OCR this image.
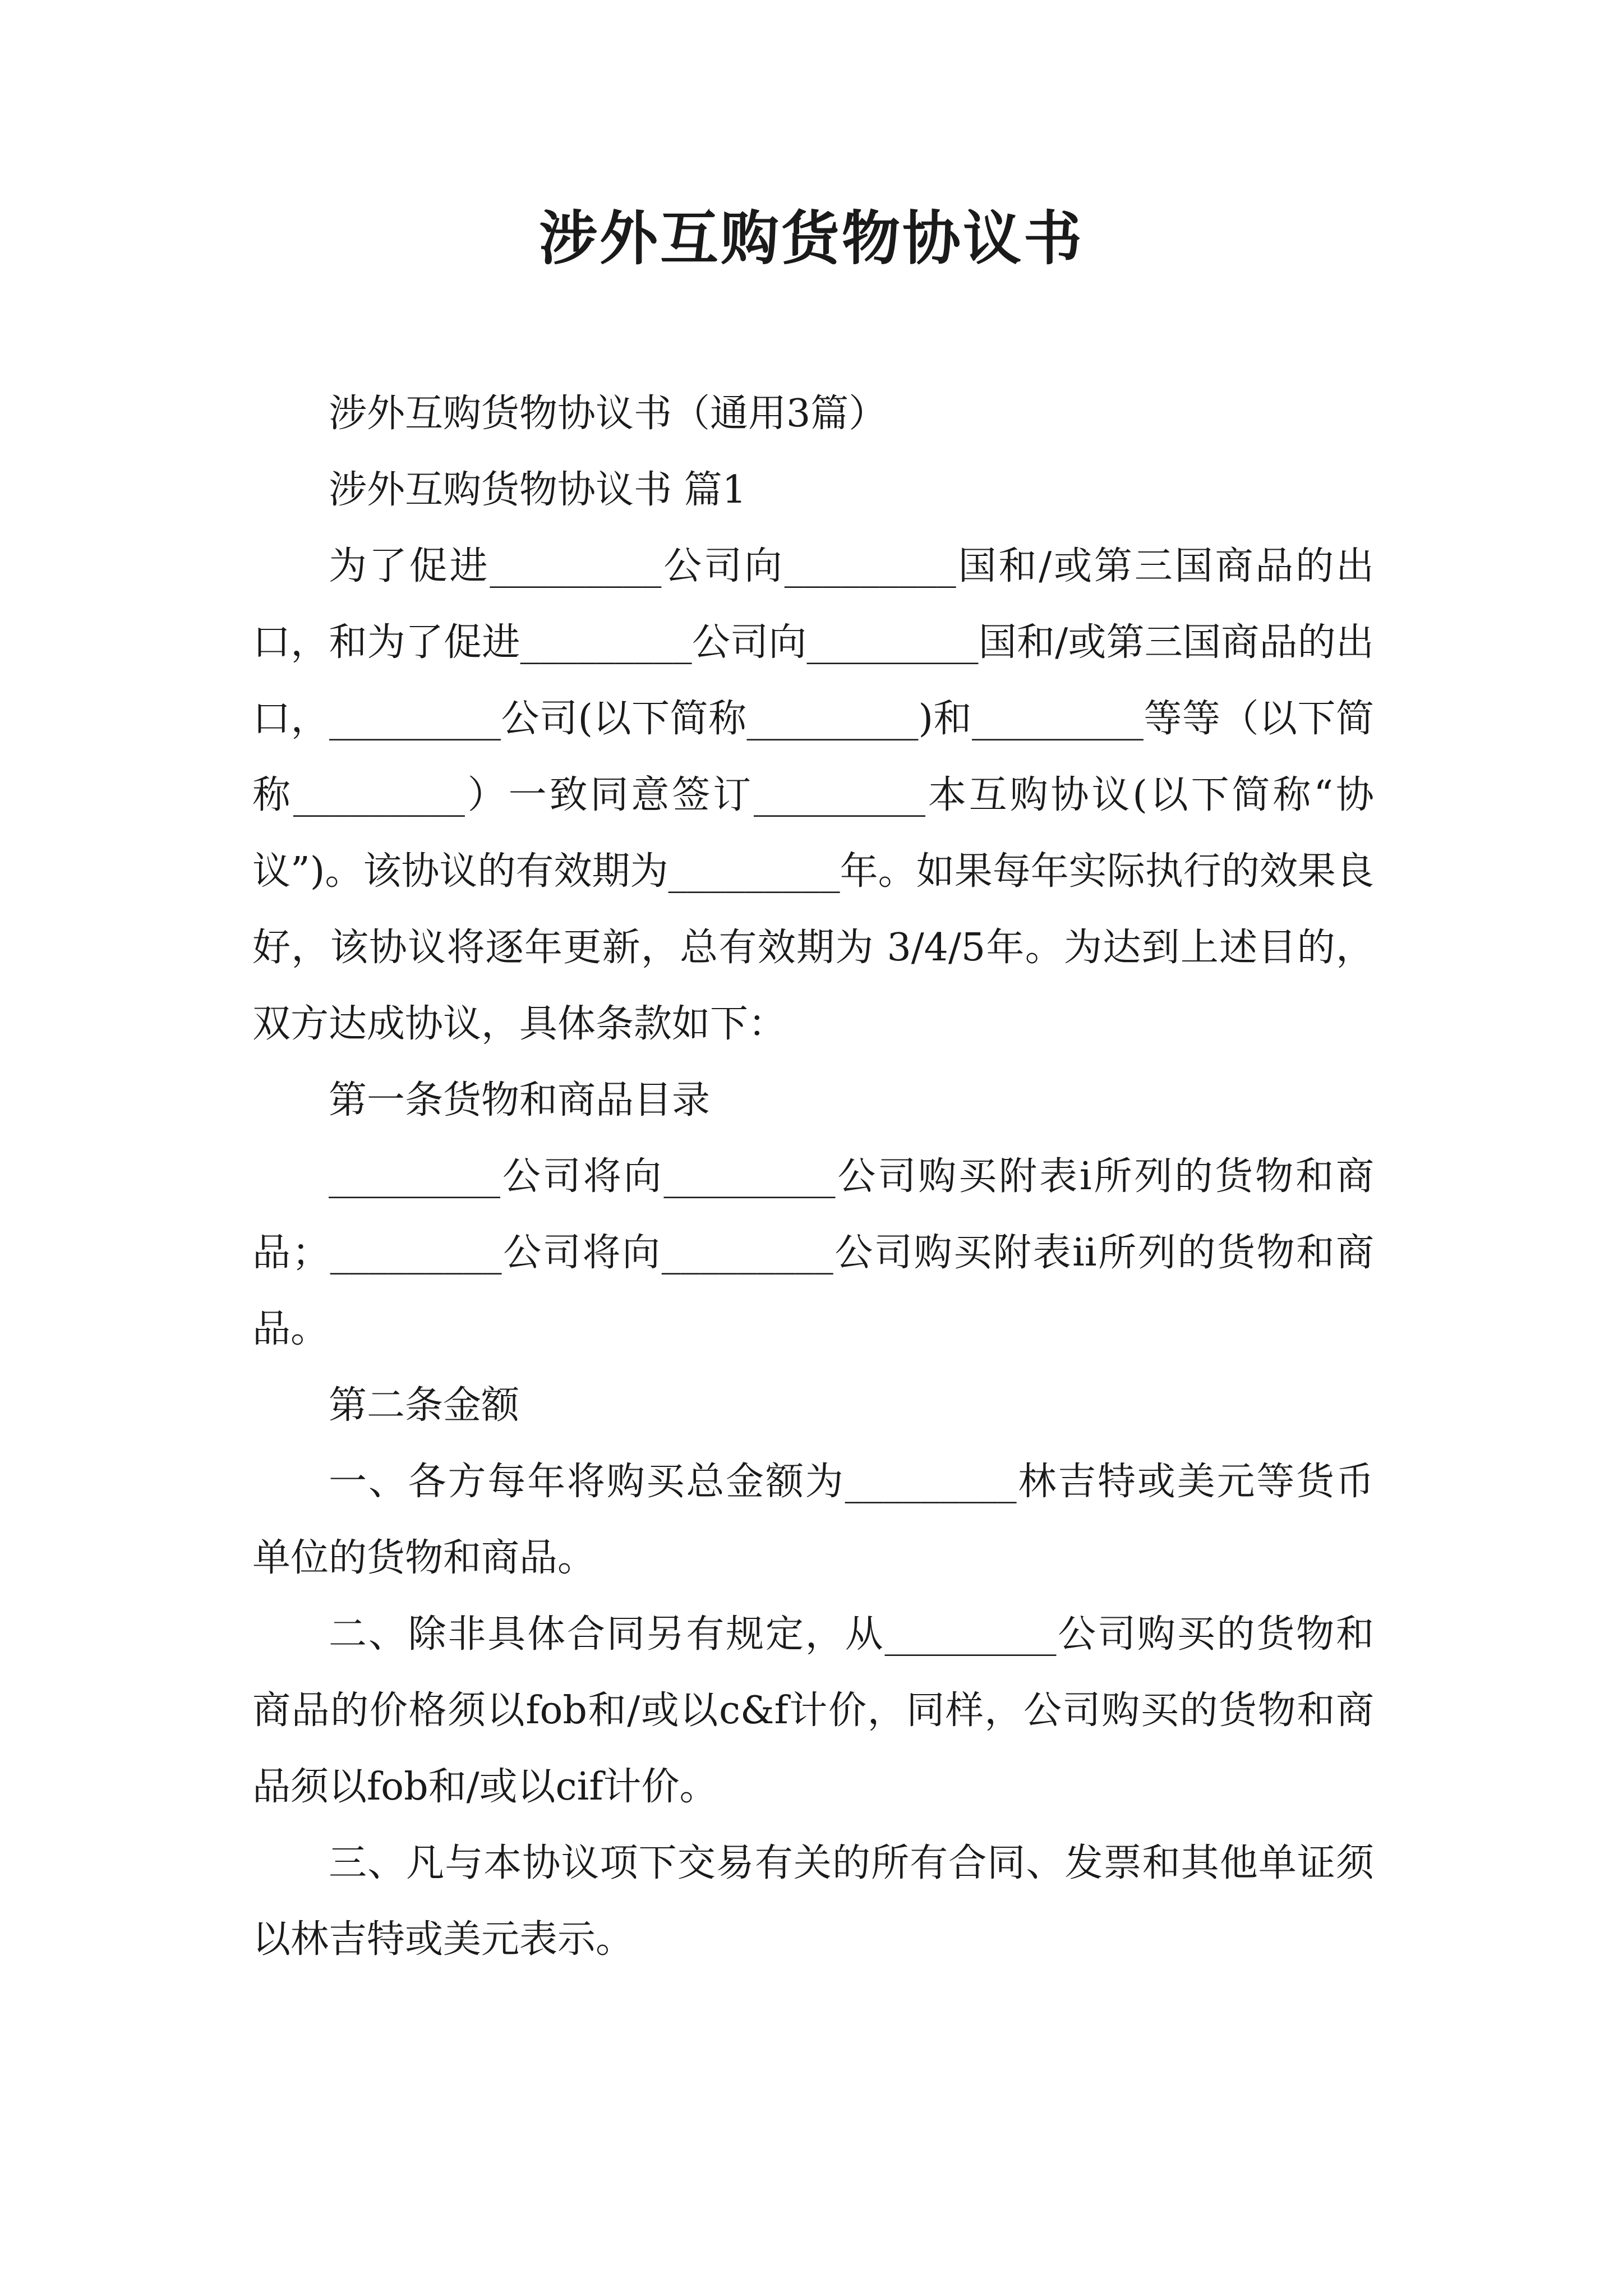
涉外互购货物协议书

涉外互购货物协议书（通用3篇）

涉外互购货物协议书 篇1

为了促进_________公司向_________国和/或第三国商品的出口，和为了促进_________公司向_________国和/或第三国商品的出口，_________公司(以下简称_________)和_________等等（以下简称_________）一致同意签订_________本互购协议(以下简称“协议”)。该协议的有效期为_________年。如果每年实际执行的效果良好，该协议将逐年更新，总有效期为 3/4/5年。为达到上述目的，双方达成协议，具体条款如下：

第一条货物和商品目录

_________公司将向_________公司购买附表i所列的货物和商品；_________公司将向_________公司购买附表ii所列的货物和商品。

第二条金额

一、各方每年将购买总金额为_________林吉特或美元等货币单位的货物和商品。

二、除非具体合同另有规定，从_________公司购买的货物和商品的价格须以fob和/或以c&f计价，同样，公司购买的货物和商品须以fob和/或以cif计价。

三、凡与本协议项下交易有关的所有合同、发票和其他单证须以林吉特或美元表示。
